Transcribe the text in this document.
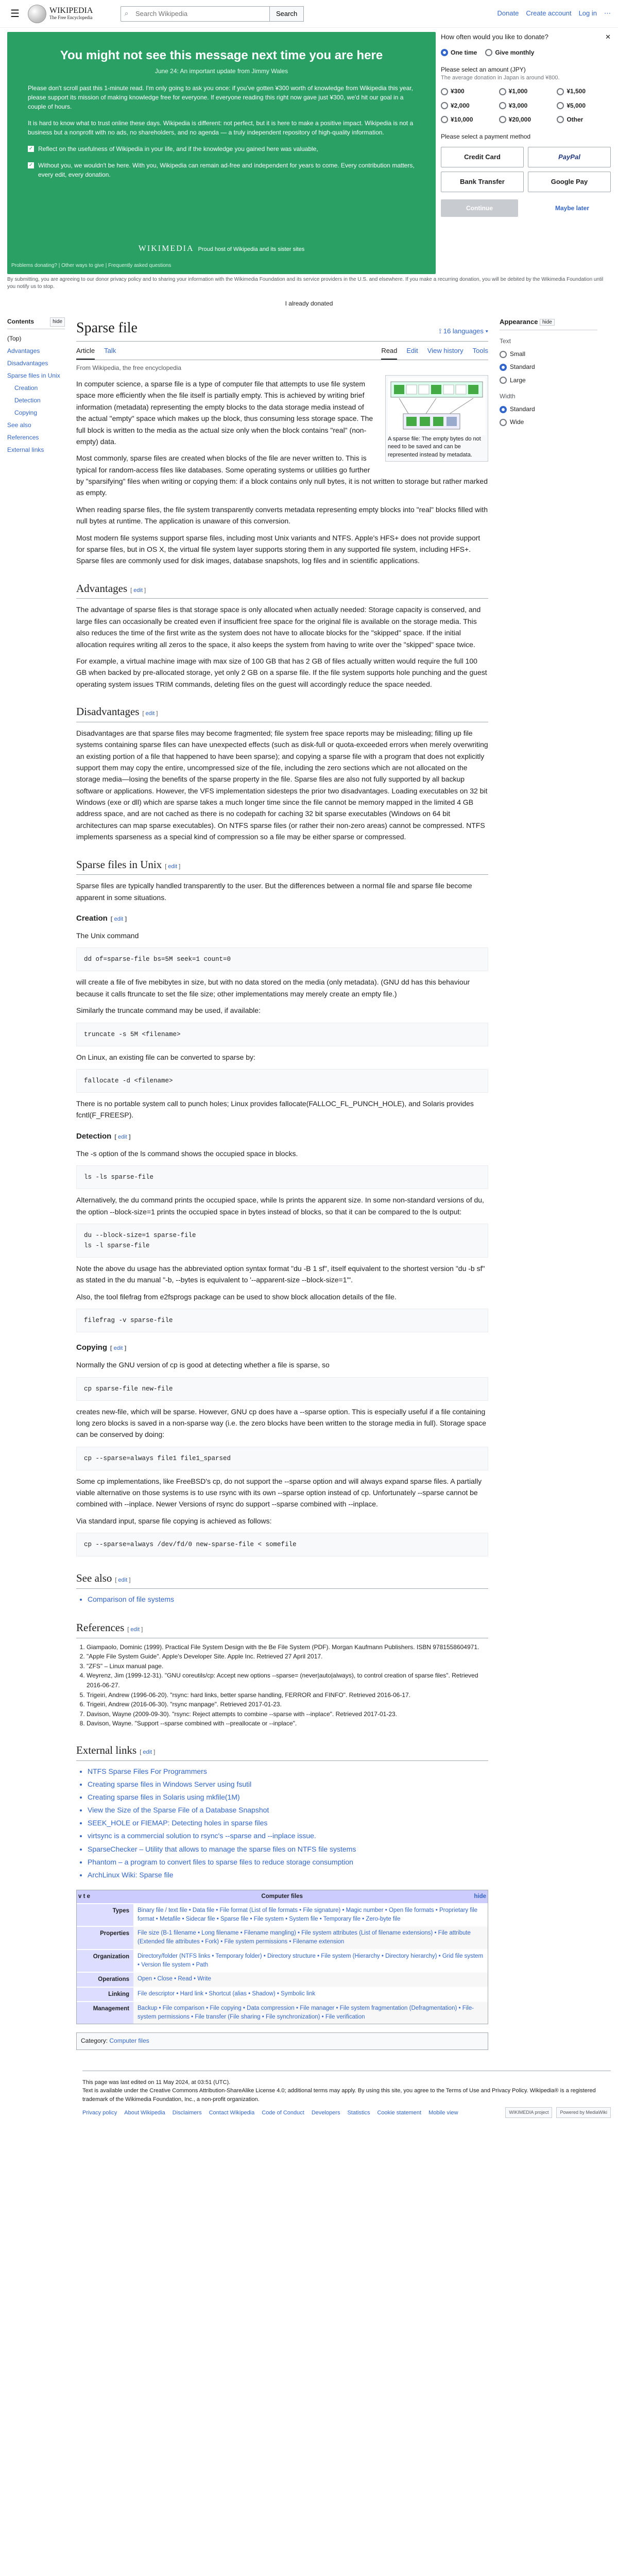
☰	WIKIPEDIA
The Free Encyclopedia
⌕
Search Wikipedia	Search	Donate Create account Log in ⋯
You might not see this message next time you are here
June 24: An important update from Jimmy Wales

Please don't scroll past this 1-minute read. I'm only going to ask you once: if you've gotten ¥300 worth of knowledge from Wikipedia this year, please support its mission of making knowledge free for everyone. If everyone reading this right now gave just ¥300, we'd hit our goal in a couple of hours.

It is hard to know what to trust online these days. Wikipedia is different: not perfect, but it is here to make a positive impact. Wikipedia is not a business but a nonprofit with no ads, no shareholders, and no agenda — a truly independent repository of high-quality information.

✓ Reflect on the usefulness of Wikipedia in your life, and if the knowledge you gained here was valuable,
✓ Without you, we wouldn't be here. With you, Wikipedia can remain ad-free and independent for years to come. Every contribution matters, every edit, every donation.
WIKIMEDIA Proud host of Wikipedia and its sister sites
Problems donating? | Other ways to give | Frequently asked questions
How often would you like to donate?	✕
One time	Give monthly
Please select an amount (JPY)
The average donation in Japan is around ¥800.
¥300	¥1,000	¥1,500
¥2,000	¥3,000	¥5,000
¥10,000	¥20,000	Other
Please select a payment method
Credit Card	PayPal
Bank Transfer	Google Pay
Continue	Maybe later
By submitting, you are agreeing to our donor privacy policy and to sharing your information with the Wikimedia Foundation and its service providers in the U.S. and elsewhere. If you make a recurring donation, you will be debited by the Wikimedia Foundation until you notify us to stop.
I already donated
Contents	hide
(Top)
Advantages
Disadvantages
Sparse files in Unix
Creation
Detection
Copying
See also
References
External links
Sparse file	⟟ 16 languages ▾
Article Talk	Read Edit View history Tools
From Wikipedia, the free encyclopedia
A sparse file: The empty bytes do not need to be saved and can be represented instead by metadata.

In computer science, a sparse file is a type of computer file that attempts to use file system space more efficiently when the file itself is partially empty. This is achieved by writing brief information (metadata) representing the empty blocks to the data storage media instead of the actual "empty" space which makes up the block, thus consuming less storage space. The full block is written to the media as the actual size only when the block contains "real" (non-empty) data.

Most commonly, sparse files are created when blocks of the file are never written to. This is typical for random-access files like databases. Some operating systems or utilities go further by "sparsifying" files when writing or copying them: if a block contains only null bytes, it is not written to storage but rather marked as empty.

When reading sparse files, the file system transparently converts metadata representing empty blocks into "real" blocks filled with null bytes at runtime. The application is unaware of this conversion.

Most modern file systems support sparse files, including most Unix variants and NTFS. Apple's HFS+ does not provide support for sparse files, but in OS X, the virtual file system layer supports storing them in any supported file system, including HFS+. Sparse files are commonly used for disk images, database snapshots, log files and in scientific applications.

Advantages [ edit ]

The advantage of sparse files is that storage space is only allocated when actually needed: Storage capacity is conserved, and large files can occasionally be created even if insufficient free space for the original file is available on the storage media. This also reduces the time of the first write as the system does not have to allocate blocks for the "skipped" space. If the initial allocation requires writing all zeros to the space, it also keeps the system from having to write over the "skipped" space twice.

For example, a virtual machine image with max size of 100 GB that has 2 GB of files actually written would require the full 100 GB when backed by pre-allocated storage, yet only 2 GB on a sparse file. If the file system supports hole punching and the guest operating system issues TRIM commands, deleting files on the guest will accordingly reduce the space needed.

Disadvantages [ edit ]

Disadvantages are that sparse files may become fragmented; file system free space reports may be misleading; filling up file systems containing sparse files can have unexpected effects (such as disk-full or quota-exceeded errors when merely overwriting an existing portion of a file that happened to have been sparse); and copying a sparse file with a program that does not explicitly support them may copy the entire, uncompressed size of the file, including the zero sections which are not allocated on the storage media—losing the benefits of the sparse property in the file. Sparse files are also not fully supported by all backup software or applications. However, the VFS implementation sidesteps the prior two disadvantages. Loading executables on 32 bit Windows (exe or dll) which are sparse takes a much longer time since the file cannot be memory mapped in the limited 4 GB address space, and are not cached as there is no codepath for caching 32 bit sparse executables (Windows on 64 bit architectures can map sparse executables). On NTFS sparse files (or rather their non-zero areas) cannot be compressed. NTFS implements sparseness as a special kind of compression so a file may be either sparse or compressed.

Sparse files in Unix [ edit ]

Sparse files are typically handled transparently to the user. But the differences between a normal file and sparse file become apparent in some situations.

Creation [ edit ]

The Unix command

dd of=sparse-file bs=5M seek=1 count=0

will create a file of five mebibytes in size, but with no data stored on the media (only metadata). (GNU dd has this behaviour because it calls ftruncate to set the file size; other implementations may merely create an empty file.)

Similarly the truncate command may be used, if available:

truncate -s 5M <filename>

On Linux, an existing file can be converted to sparse by:

fallocate -d <filename>

There is no portable system call to punch holes; Linux provides fallocate(FALLOC_FL_PUNCH_HOLE), and Solaris provides fcntl(F_FREESP).

Detection [ edit ]

The -s option of the ls command shows the occupied space in blocks.

ls -ls sparse-file

Alternatively, the du command prints the occupied space, while ls prints the apparent size. In some non-standard versions of du, the option --block-size=1 prints the occupied space in bytes instead of blocks, so that it can be compared to the ls output:

du --block-size=1 sparse-file
ls -l sparse-file

Note the above du usage has the abbreviated option syntax format "du -B 1 sf", itself equivalent to the shortest version "du -b sf" as stated in the du manual "-b, --bytes is equivalent to '--apparent-size --block-size=1'".

Also, the tool filefrag from e2fsprogs package can be used to show block allocation details of the file.

filefrag -v sparse-file
Copying [ edit ]

Normally the GNU version of cp is good at detecting whether a file is sparse, so

cp sparse-file new-file

creates new-file, which will be sparse. However, GNU cp does have a --sparse option. This is especially useful if a file containing long zero blocks is saved in a non-sparse way (i.e. the zero blocks have been written to the storage media in full). Storage space can be conserved by doing:

cp --sparse=always file1 file1_sparsed

Some cp implementations, like FreeBSD's cp, do not support the --sparse option and will always expand sparse files. A partially viable alternative on those systems is to use rsync with its own --sparse option instead of cp. Unfortunately --sparse cannot be combined with --inplace. Newer Versions of rsync do support --sparse combined with --inplace.

Via standard input, sparse file copying is achieved as follows:

cp --sparse=always /dev/fd/0 new-sparse-file < somefile
See also [ edit ]
• Comparison of file systems
References [ edit ]
1. Giampaolo, Dominic (1999). Practical File System Design with the Be File System (PDF). Morgan Kaufmann Publishers. ISBN 9781558604971.
2. "Apple File System Guide". Apple's Developer Site. Apple Inc. Retrieved 27 April 2017.
3. "ZFS" – Linux manual page.
4. Weyrenz, Jim (1999-12-31). "GNU coreutils/cp: Accept new options --sparse= (never|auto|always), to control creation of sparse files". Retrieved 2016-06-27.
5. Trigeiri, Andrew (1996-06-20). "rsync: hard links, better sparse handling, FERROR and FINFO". Retrieved 2016-06-17.
6. Trigeiri, Andrew (2016-06-30). "rsync manpage". Retrieved 2017-01-23.
7. Davison, Wayne (2009-09-30). "rsync: Reject attempts to combine --sparse with --inplace". Retrieved 2017-01-23.
8. Davison, Wayne. "Support --sparse combined with --preallocate or --inplace".
External links [ edit ]
• NTFS Sparse Files For Programmers
• Creating sparse files in Windows Server using fsutil
• Creating sparse files in Solaris using mkfile(1M)
• View the Size of the Sparse File of a Database Snapshot
• SEEK_HOLE or FIEMAP: Detecting holes in sparse files
• virtsync is a commercial solution to rsync's --sparse and --inplace issue.
• SparseChecker – Utility that allows to manage the sparse files on NTFS file systems
• Phantom – a program to convert files to sparse files to reduce storage consumption
• ArchLinux Wiki: Sparse file
v t e	Computer files	hide
Types	Binary file / text file • Data file • File format (List of file formats • File signature) • Magic number • Open file formats • Proprietary file format • Metafile • Sidecar file • Sparse file • File system • System file • Temporary file • Zero-byte file
Properties	File size (B-1 filename • Long filename • Filename mangling) • File system attributes (List of filename extensions) • File attribute (Extended file attributes • Fork) • File system permissions • Filename extension
Organization	Directory/folder (NTFS links • Temporary folder) • Directory structure • File system (Hierarchy • Directory hierarchy) • Grid file system • Version file system • Path
Operations	Open • Close • Read • Write
Linking	File descriptor • Hard link • Shortcut (alias • Shadow) • Symbolic link
Management	Backup • File comparison • File copying • Data compression • File manager • File system fragmentation (Defragmentation) • File-system permissions • File transfer (File sharing • File synchronization) • File verification
Category: Computer files
Appearance hide
Text
Small
Standard
Large
Width
Standard
Wide
This page was last edited on 11 May 2024, at 03:51 (UTC).
Text is available under the Creative Commons Attribution-ShareAlike License 4.0; additional terms may apply. By using this site, you agree to the Terms of Use and Privacy Policy. Wikipedia® is a registered trademark of the Wikimedia Foundation, Inc., a non-profit organization.
Privacy policy About Wikipedia Disclaimers Contact Wikipedia Code of Conduct Developers Statistics Cookie statement Mobile view	WIKIMEDIA project	Powered by MediaWiki
